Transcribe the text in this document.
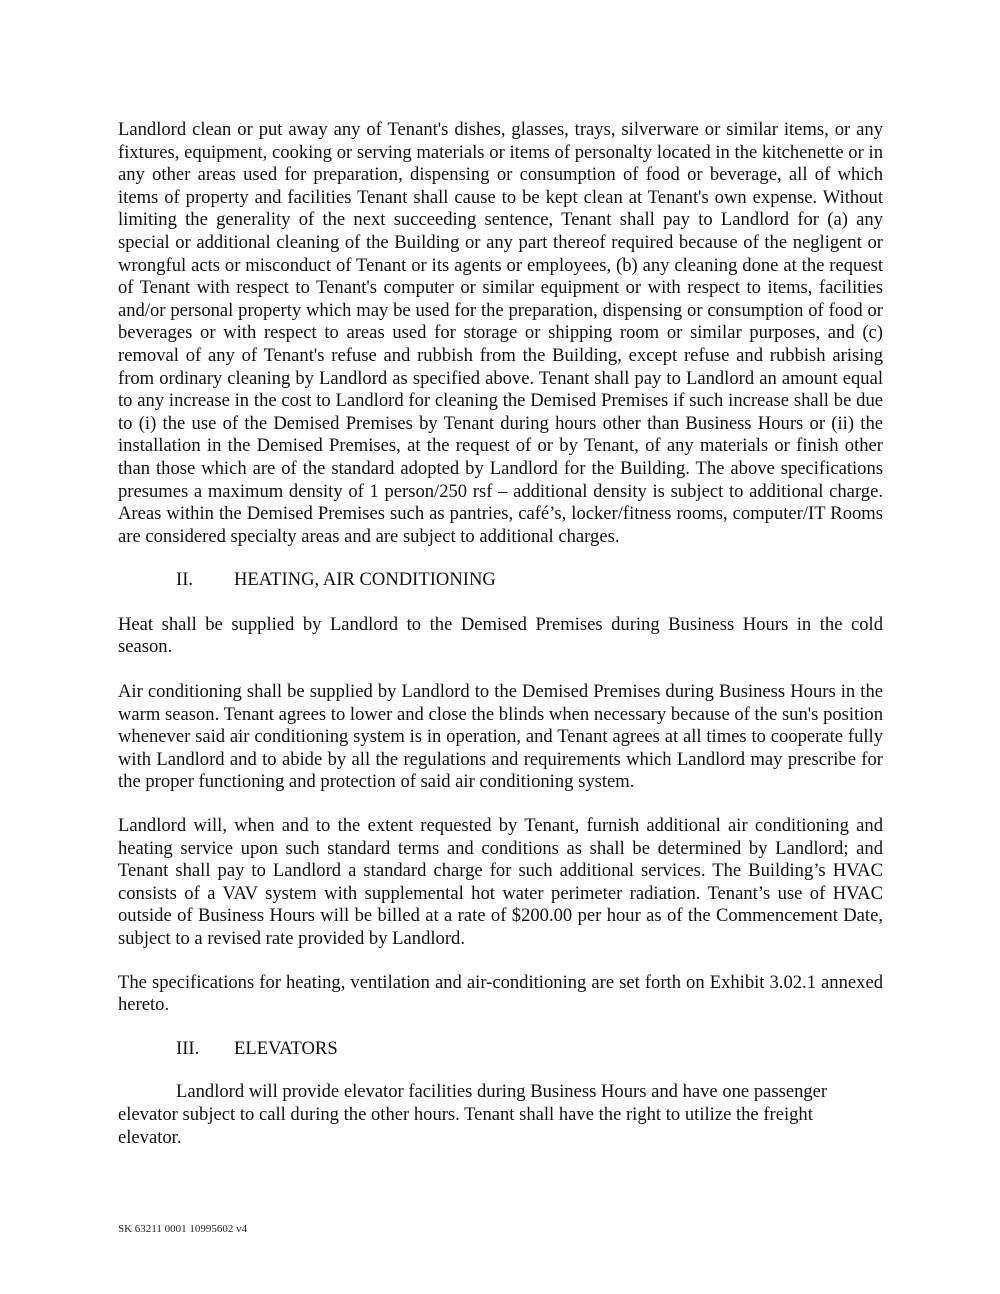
Landlord clean or put away any of Tenant's dishes, glasses, trays, silverware or similar items, or any fixtures, equipment, cooking or serving materials or items of personalty located in the kitchenette or in any other areas used for preparation, dispensing or consumption of food or beverage, all of which items of property and facilities Tenant shall cause to be kept clean at Tenant's own expense. Without limiting the generality of the next succeeding sentence, Tenant shall pay to Landlord for (a) any special or additional cleaning of the Building or any part thereof required because of the negligent or wrongful acts or misconduct of Tenant or its agents or employees, (b) any cleaning done at the request of Tenant with respect to Tenant's computer or similar equipment or with respect to items, facilities and/or personal property which may be used for the preparation, dispensing or consumption of food or beverages or with respect to areas used for storage or shipping room or similar purposes, and (c) removal of any of Tenant's refuse and rubbish from the Building, except refuse and rubbish arising from ordinary cleaning by Landlord as specified above. Tenant shall pay to Landlord an amount equal to any increase in the cost to Landlord for cleaning the Demised Premises if such increase shall be due to (i) the use of the Demised Premises by Tenant during hours other than Business Hours or (ii) the installation in the Demised Premises, at the request of or by Tenant, of any materials or finish other than those which are of the standard adopted by Landlord for the Building. The above specifications presumes a maximum density of 1 person/250 rsf – additional density is subject to additional charge. Areas within the Demised Premises such as pantries, café’s, locker/fitness rooms, computer/IT Rooms are considered specialty areas and are subject to additional charges.

II.	HEATING, AIR CONDITIONING

Heat shall be supplied by Landlord to the Demised Premises during Business Hours in the cold season.

Air conditioning shall be supplied by Landlord to the Demised Premises during Business Hours in the warm season. Tenant agrees to lower and close the blinds when necessary because of the sun's position whenever said air conditioning system is in operation, and Tenant agrees at all times to cooperate fully with Landlord and to abide by all the regulations and requirements which Landlord may prescribe for the proper functioning and protection of said air conditioning system.

Landlord will, when and to the extent requested by Tenant, furnish additional air conditioning and heating service upon such standard terms and conditions as shall be determined by Landlord; and Tenant shall pay to Landlord a standard charge for such additional services. The Building’s HVAC consists of a VAV system with supplemental hot water perimeter radiation. Tenant’s use of HVAC outside of Business Hours will be billed at a rate of $200.00 per hour as of the Commencement Date, subject to a revised rate provided by Landlord.

The specifications for heating, ventilation and air-conditioning are set forth on Exhibit 3.02.1 annexed hereto.

III.	ELEVATORS

Landlord will provide elevator facilities during Business Hours and have one passenger elevator subject to call during the other hours. Tenant shall have the right to utilize the freight elevator.

SK 63211 0001 10995602 v4
